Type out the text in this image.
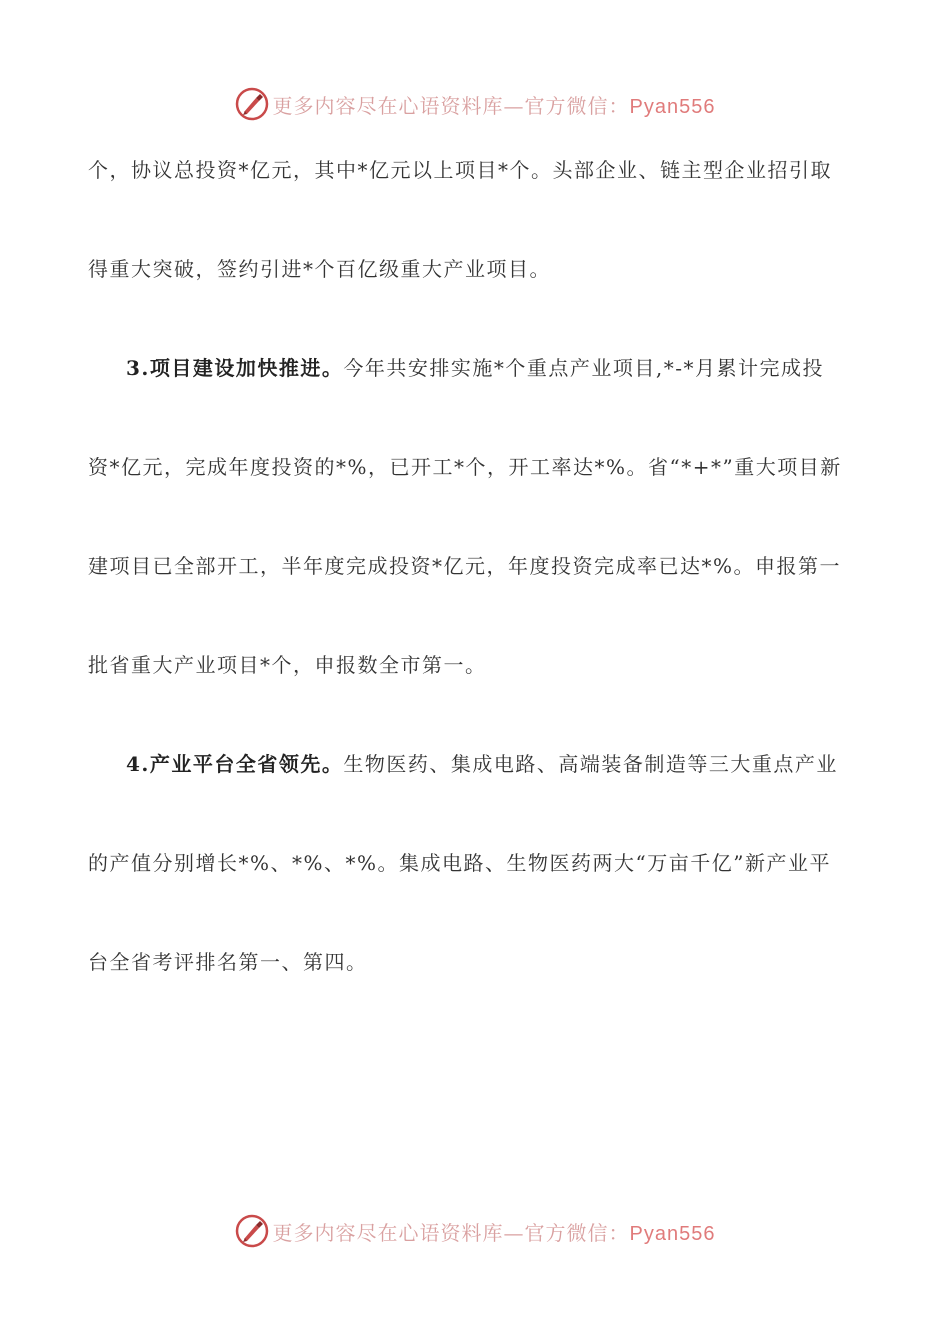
更多内容尽在心语资料库—官方微信：Pyan556
个，协议总投资*亿元，其中*亿元以上项目*个。头部企业、链主型企业招引取
得重大突破，签约引进*个百亿级重大产业项目。
3.项目建设加快推进。今年共安排实施*个重点产业项目,*-*月累计完成投
资*亿元，完成年度投资的*%，已开工*个，开工率达*%。省“*+*”重大项目新
建项目已全部开工，半年度完成投资*亿元，年度投资完成率已达*%。申报第一
批省重大产业项目*个，申报数全市第一。
4.产业平台全省领先。生物医药、集成电路、高端装备制造等三大重点产业
的产值分别增长*%、*%、*%。集成电路、生物医药两大“万亩千亿”新产业平
台全省考评排名第一、第四。
更多内容尽在心语资料库—官方微信：Pyan556
